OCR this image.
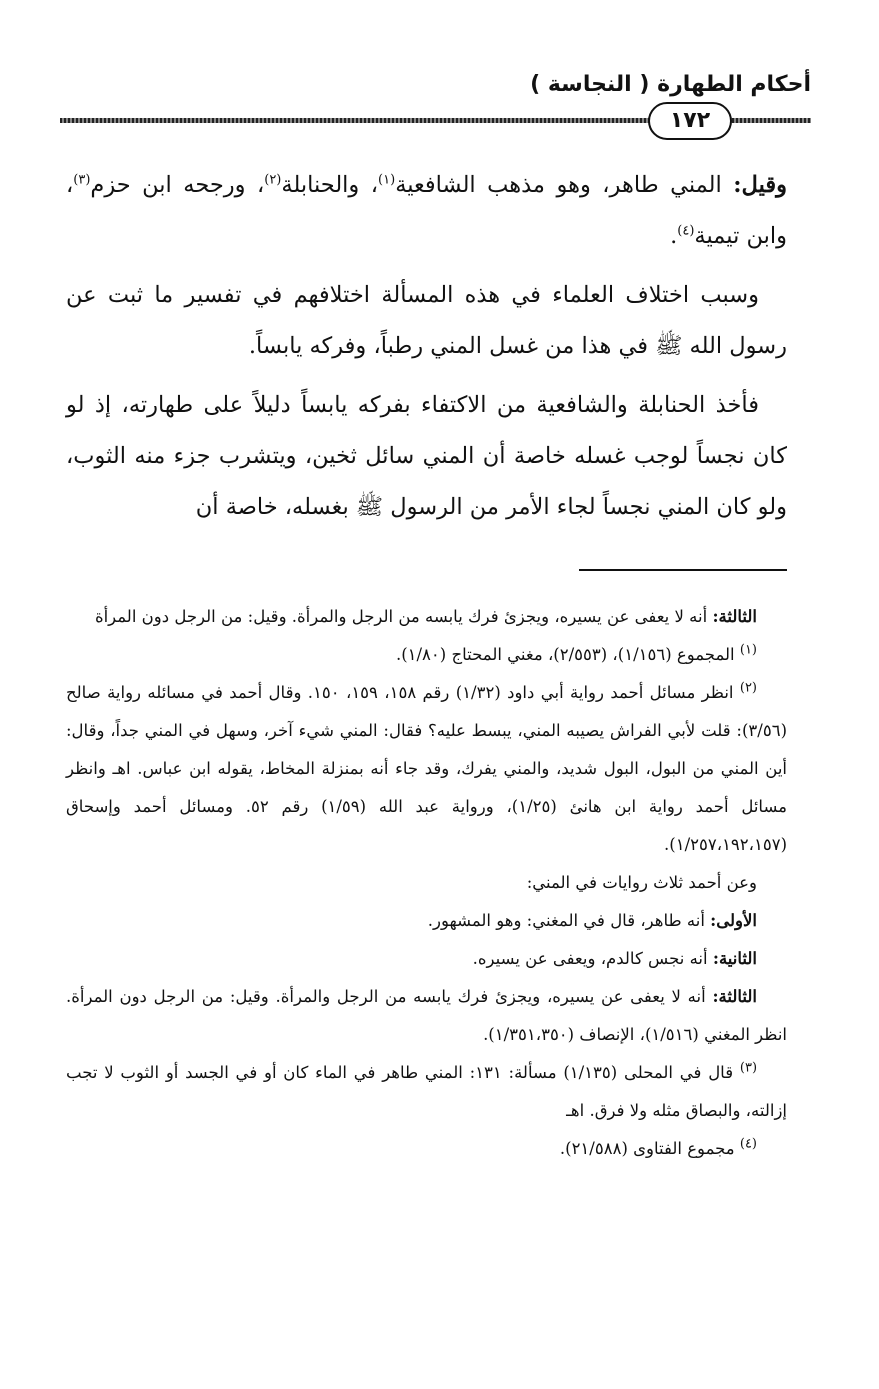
أحكام الطهارة ( النجاسة )
١٧٢

وقيل: المني طاهر، وهو مذهب الشافعية$^{(١)}$، والحنابلة$^{(٢)}$، ورجحه ابن حزم$^{(٣)}$، وابن تيمية$^{(٤)}$.

وسبب اختلاف العلماء في هذه المسألة اختلافهم في تفسير ما ثبت عن رسول الله ﷺ في هذا من غسل المني رطباً، وفركه يابساً.

فأخذ الحنابلة والشافعية من الاكتفاء بفركه يابساً دليلاً على طهارته، إذ لو كان نجساً لوجب غسله خاصة أن المني سائل ثخين، ويتشرب جزء منه الثوب، ولو كان المني نجساً لجاء الأمر من الرسول ﷺ بغسله، خاصة أن

الثالثة: أنه لا يعفى عن يسيره، ويجزئ فرك يابسه من الرجل والمرأة. وقيل: من الرجل دون المرأة

$^{(١)}$ المجموع (١/١٥٦)، (٢/٥٥٣)، مغني المحتاج (١/٨٠).

$^{(٢)}$ انظر مسائل أحمد رواية أبي داود (١/٣٢) رقم ١٥٨، ١٥٩، ١٥٠. وقال أحمد في مسائله رواية صالح (٣/٥٦): قلت لأبي الفراش يصيبه المني، يبسط عليه؟ فقال: المني شيء آخر، وسهل في المني جداً، وقال: أين المني من البول، البول شديد، والمني يفرك، وقد جاء أنه بمنزلة المخاط، يقوله ابن عباس. اهـ وانظر مسائل أحمد رواية ابن هانئ (١/٢٥)، ورواية عبد الله (١/٥٩) رقم ٥٢. ومسائل أحمد وإسحاق (١/٢٥٧،١٩٢،١٥٧).

وعن أحمد ثلاث روايات في المني:

الأولى: أنه طاهر، قال في المغني: وهو المشهور.

الثانية: أنه نجس كالدم، ويعفى عن يسيره.

الثالثة: أنه لا يعفى عن يسيره، ويجزئ فرك يابسه من الرجل والمرأة. وقيل: من الرجل دون المرأة. انظر المغني (١/٥١٦)، الإنصاف (١/٣٥١،٣٥٠).

$^{(٣)}$ قال في المحلى (١/١٣٥) مسألة: ١٣١: المني طاهر في الماء كان أو في الجسد أو الثوب لا تجب إزالته، والبصاق مثله ولا فرق. اهـ

$^{(٤)}$ مجموع الفتاوى (٢١/٥٨٨).
